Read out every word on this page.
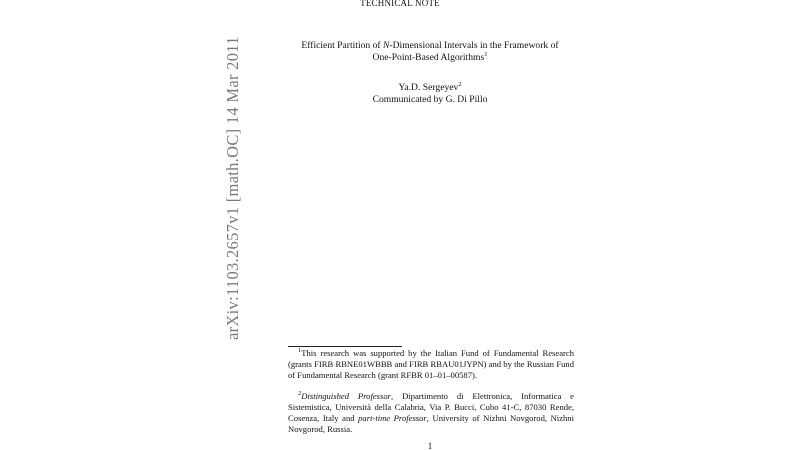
TECHNICAL NOTE
Efficient Partition of N-Dimensional Intervals in the Framework of
One-Point-Based Algorithms$^1$
Ya.D. Sergeyev$^2$
Communicated by G. Di Pillo
arXiv:1103.2657v1 [math.OC] 14 Mar 2011

$^1$This research was supported by the Italian Fund of Fundamental Research (grants FIRB RBNE01WBBB and FIRB RBAU01JYPN) and by the Russian Fund of Fundamental Research (grant RFBR 01–01–00587).

$^2$Distinguished Professor, Dipartimento di Elettronica, Informatica e Sistemistica, Università della Calabria, Via P. Bucci, Cubo 41-C, 87030 Rende, Cosenza, Italy and part-time Professor, University of Nizhni Novgorod, Nizhni Novgorod, Russia.

1
